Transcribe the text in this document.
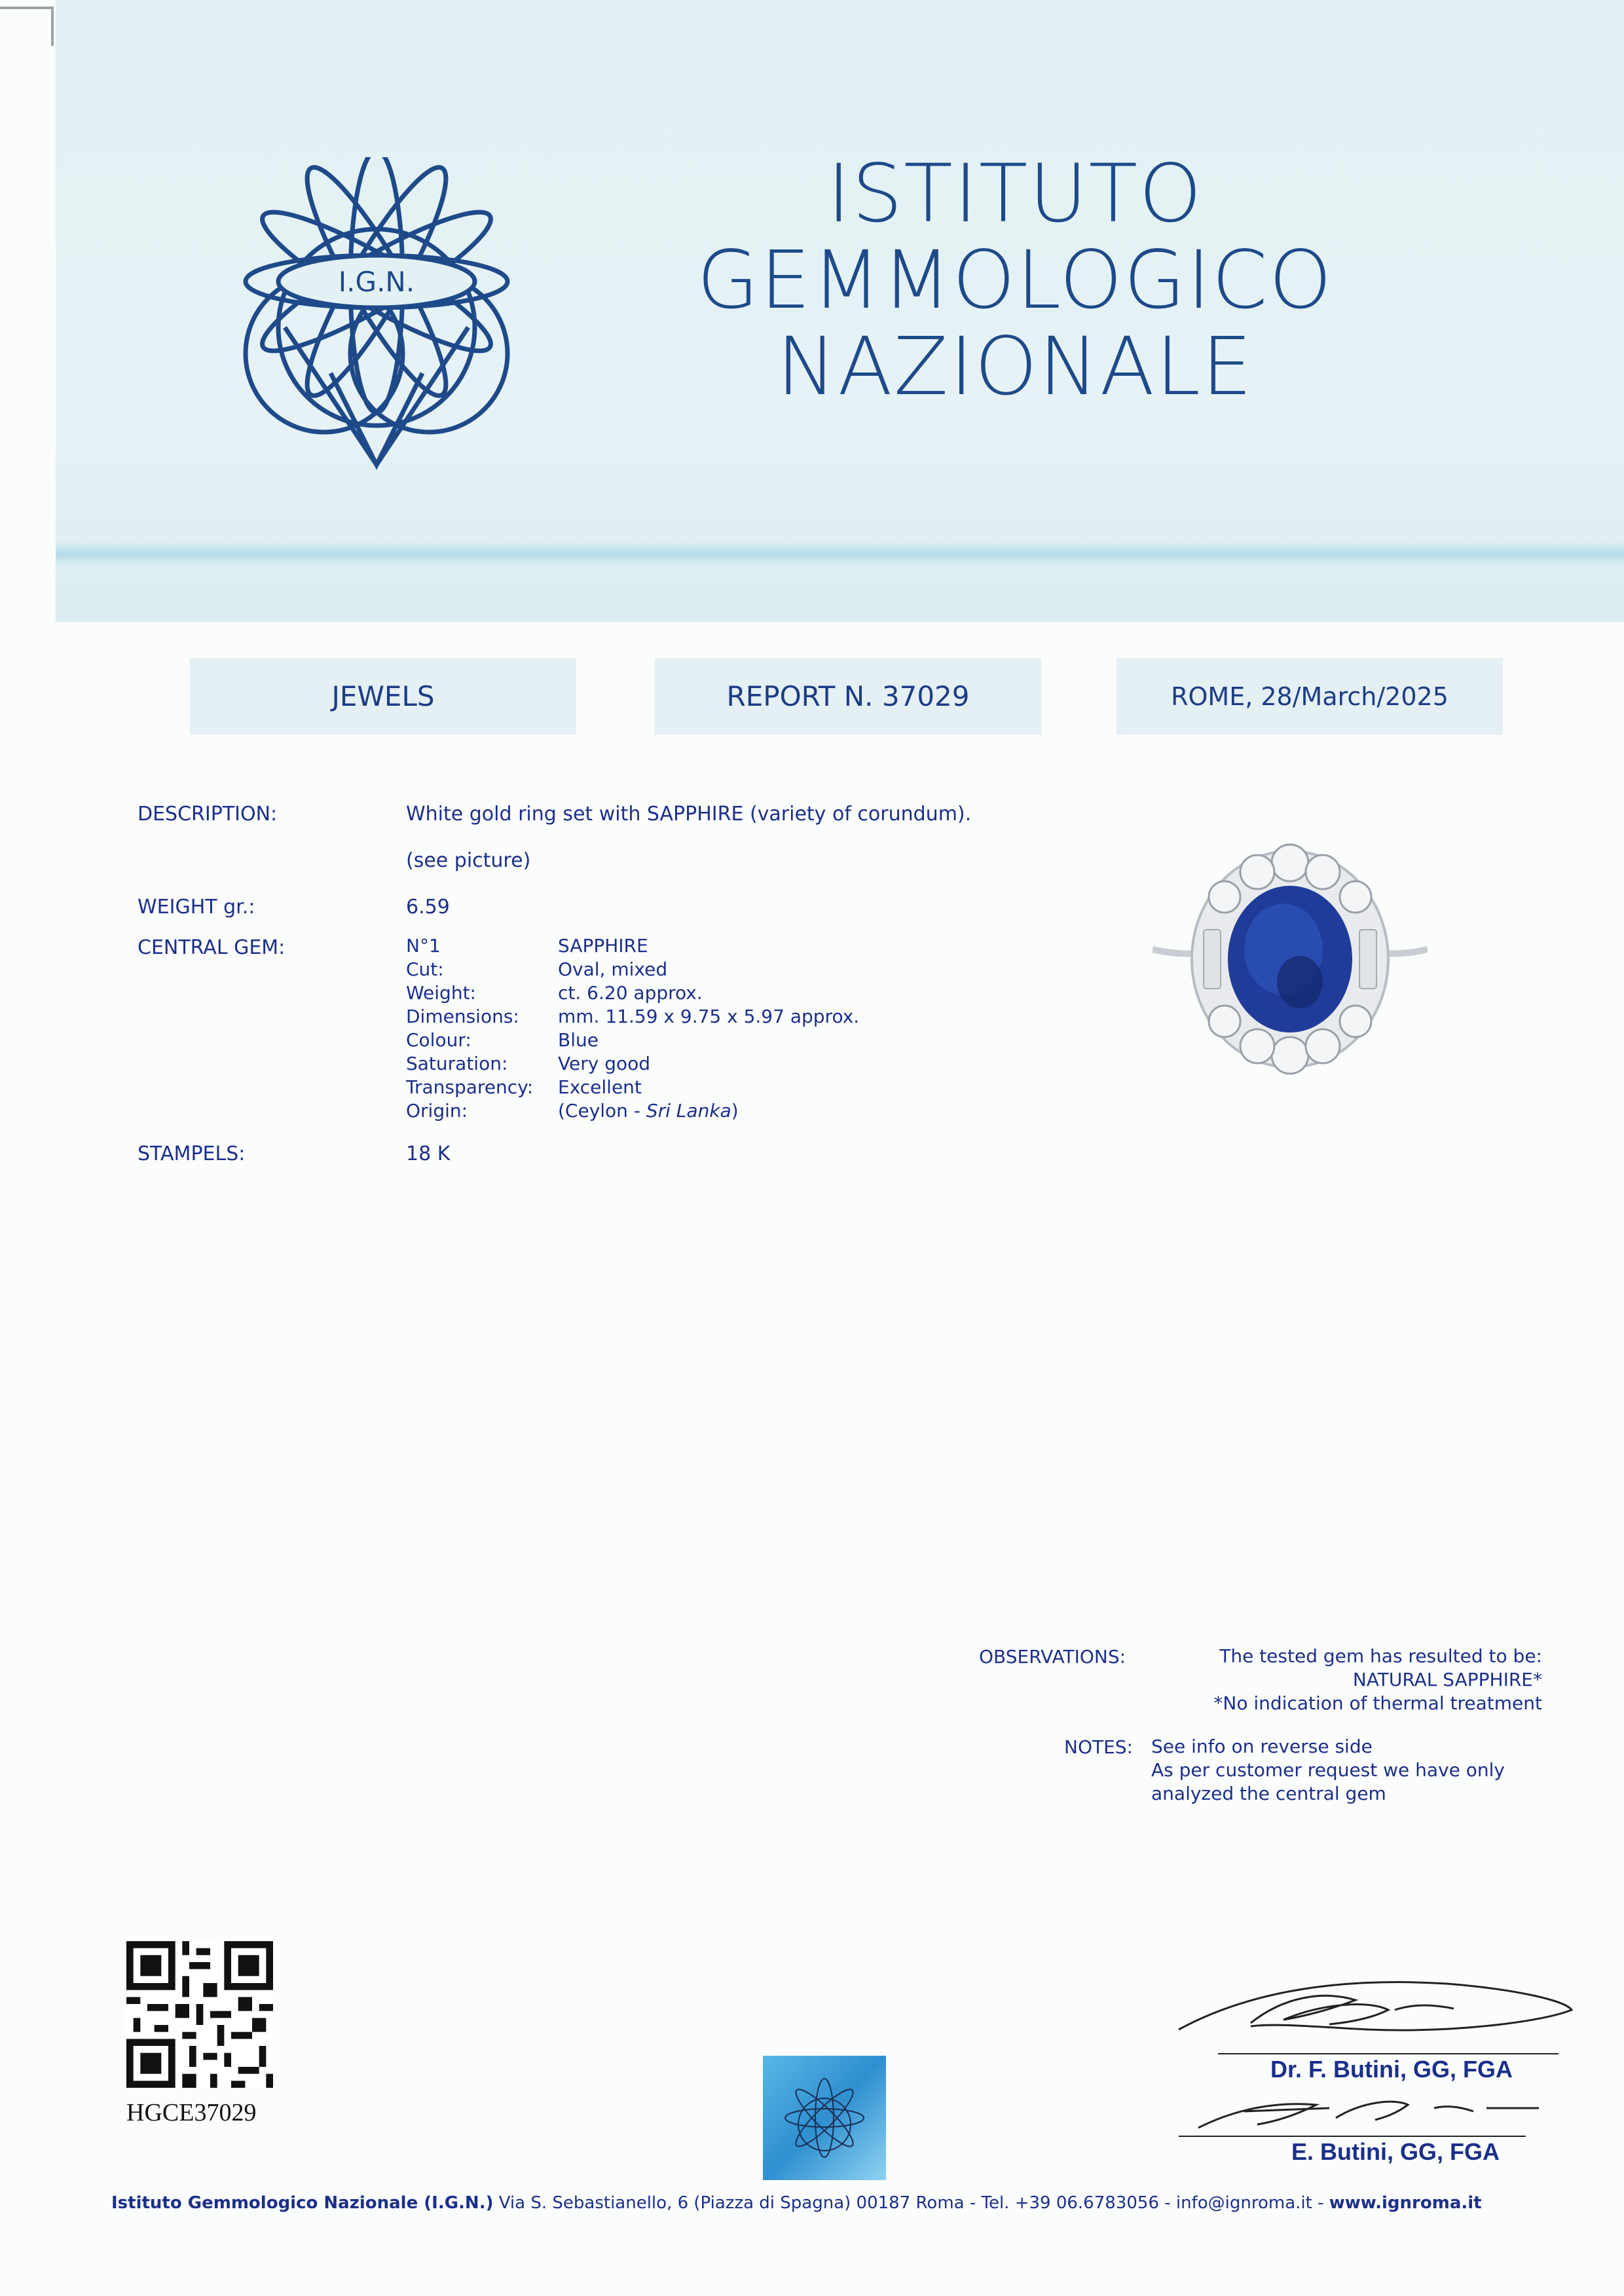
I.G.N.
ISTITUTO
GEMMOLOGICO
NAZIONALE
JEWELS	REPORT N. 37029	ROME, 28/March/2025
DESCRIPTION:	White gold ring set with SAPPHIRE (variety of corundum).
(see picture)
WEIGHT gr.:	6.59
CENTRAL GEM:	N°1	SAPPHIRE
Cut:	Oval, mixed
Weight:	ct. 6.20 approx.
Dimensions:	mm. 11.59 x 9.75 x 5.97 approx.
Colour:	Blue
Saturation:	Very good
Transparency:	Excellent
Origin:	(Ceylon - Sri Lanka)
STAMPELS:	18 K
OBSERVATIONS:	The tested gem has resulted to be:
NATURAL SAPPHIRE*
*No indication of thermal treatment
NOTES: See info on reverse side
As per customer request we have only
analyzed the central gem
HGCE37029
Dr. F. Butini, GG, FGA
E. Butini, GG, FGA
Istituto Gemmologico Nazionale (I.G.N.) Via S. Sebastianello, 6 (Piazza di Spagna) 00187 Roma - Tel. +39 06.6783056 - info@ignroma.it - www.ignroma.it
